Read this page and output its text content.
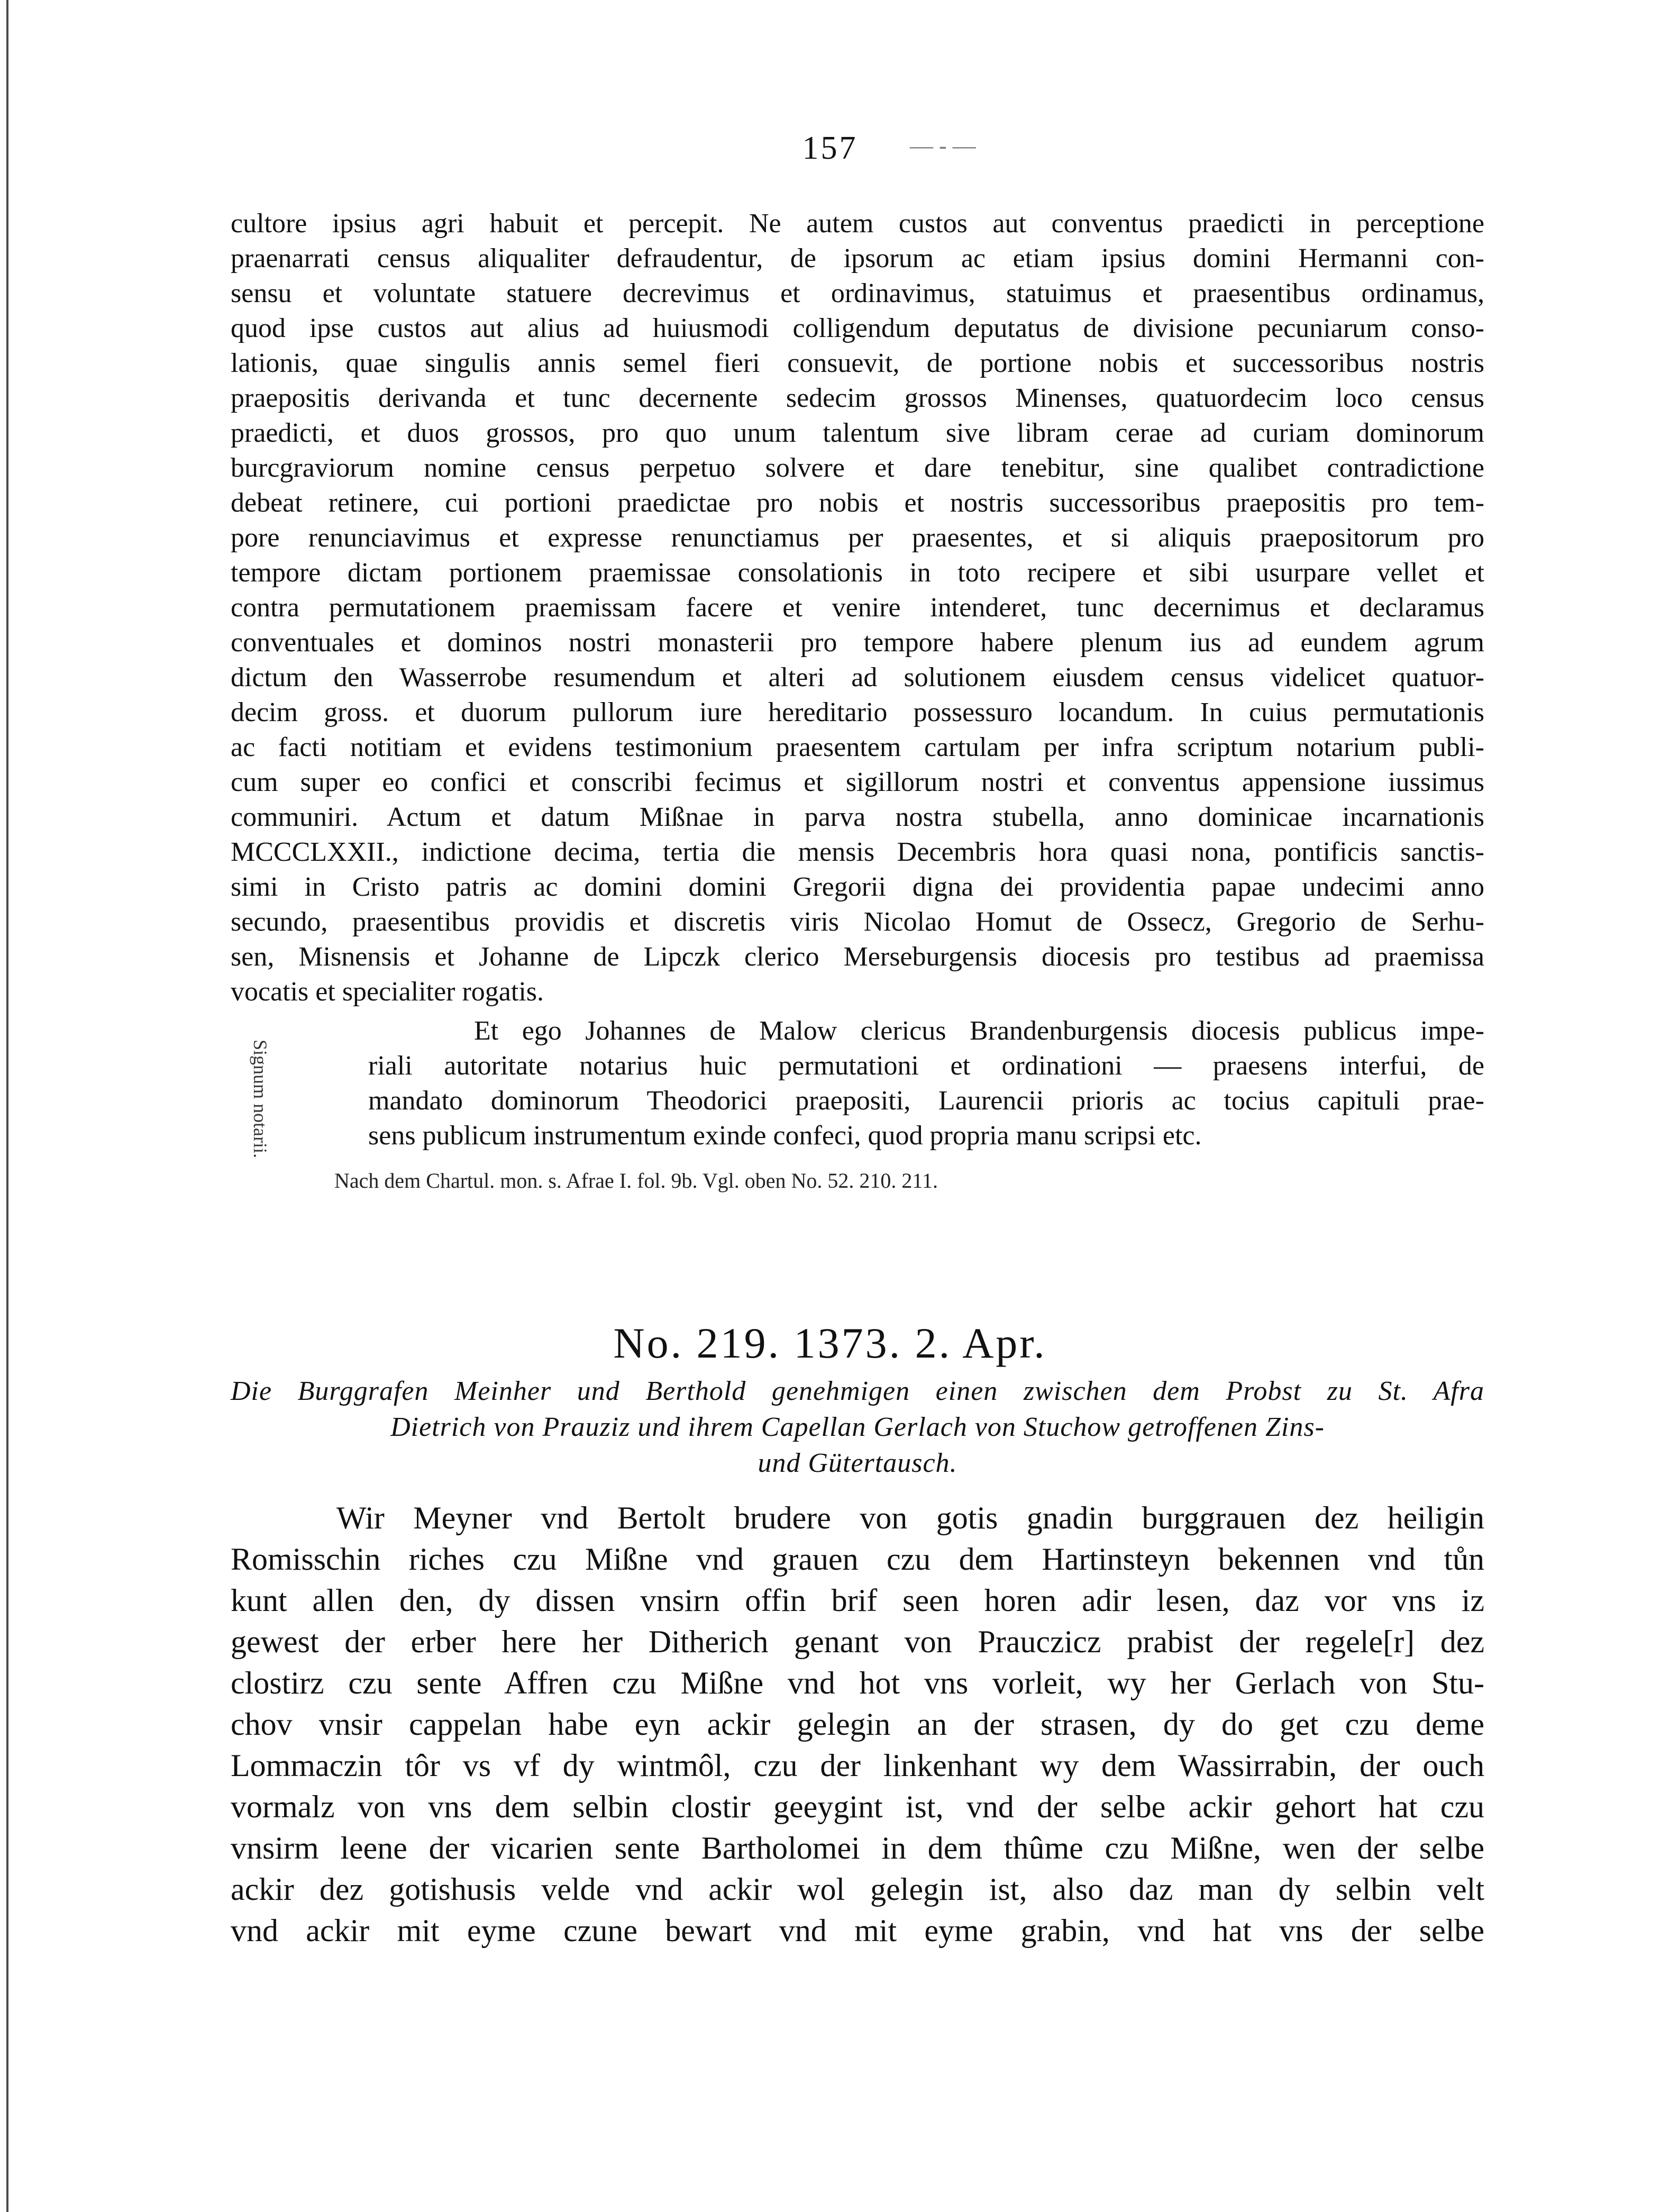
157	— - —
cultore ipsius agri habuit et percepit. Ne autem custos aut conventus praedicti in perceptione
praenarrati census aliqualiter defraudentur, de ipsorum ac etiam ipsius domini Hermanni con-
sensu et voluntate statuere decrevimus et ordinavimus, statuimus et praesentibus ordinamus,
quod ipse custos aut alius ad huiusmodi colligendum deputatus de divisione pecuniarum conso-
lationis, quae singulis annis semel fieri consuevit, de portione nobis et successoribus nostris
praepositis derivanda et tunc decernente sedecim grossos Minenses, quatuordecim loco census
praedicti, et duos grossos, pro quo unum talentum sive libram cerae ad curiam dominorum
burcgraviorum nomine census perpetuo solvere et dare tenebitur, sine qualibet contradictione
debeat retinere, cui portioni praedictae pro nobis et nostris successoribus praepositis pro tem-
pore renunciavimus et expresse renunctiamus per praesentes, et si aliquis praepositorum pro
tempore dictam portionem praemissae consolationis in toto recipere et sibi usurpare vellet et
contra permutationem praemissam facere et venire intenderet, tunc decernimus et declaramus
conventuales et dominos nostri monasterii pro tempore habere plenum ius ad eundem agrum
dictum den Wasserrobe resumendum et alteri ad solutionem eiusdem census videlicet quatuor-
decim gross. et duorum pullorum iure hereditario possessuro locandum. In cuius permutationis
ac facti notitiam et evidens testimonium praesentem cartulam per infra scriptum notarium publi-
cum super eo confici et conscribi fecimus et sigillorum nostri et conventus appensione iussimus
communiri. Actum et datum Mißnae in parva nostra stubella, anno dominicae incarnationis
MCCCLXXII., indictione decima, tertia die mensis Decembris hora quasi nona, pontificis sanctis-
simi in Cristo patris ac domini domini Gregorii digna dei providentia papae undecimi anno
secundo, praesentibus providis et discretis viris Nicolao Homut de Ossecz, Gregorio de Serhu-
sen, Misnensis et Johanne de Lipczk clerico Merseburgensis diocesis pro testibus ad praemissa
vocatis et specialiter rogatis.
Signum notarii.
Et ego Johannes de Malow clericus Brandenburgensis diocesis publicus impe-
riali autoritate notarius huic permutationi et ordinationi — praesens interfui, de
mandato dominorum Theodorici praepositi, Laurencii prioris ac tocius capituli prae-
sens publicum instrumentum exinde confeci, quod propria manu scripsi etc.
Nach dem Chartul. mon. s. Afrae I. fol. 9b. Vgl. oben No. 52. 210. 211.
No. 219. 1373. 2. Apr.
Die Burggrafen Meinher und Berthold genehmigen einen zwischen dem Probst zu St. Afra
Dietrich von Prauziz und ihrem Capellan Gerlach von Stuchow getroffenen Zins-
und Gütertausch.
Wir Meyner vnd Bertolt brudere von gotis gnadin burggrauen dez heiligin
Romisschin riches czu Mißne vnd grauen czu dem Hartinsteyn bekennen vnd tůn
kunt allen den, dy dissen vnsirn offin brif seen horen adir lesen, daz vor vns iz
gewest der erber here her Ditherich genant von Prauczicz prabist der regele[r] dez
clostirz czu sente Affren czu Mißne vnd hot vns vorleit, wy her Gerlach von Stu-
chov vnsir cappelan habe eyn ackir gelegin an der strasen, dy do get czu deme
Lommaczin tôr vs vf dy wintmôl, czu der linkenhant wy dem Wassirrabin, der ouch
vormalz von vns dem selbin clostir geeygint ist, vnd der selbe ackir gehort hat czu
vnsirm leene der vicarien sente Bartholomei in dem thûme czu Mißne, wen der selbe
ackir dez gotishusis velde vnd ackir wol gelegin ist, also daz man dy selbin velt
vnd ackir mit eyme czune bewart vnd mit eyme grabin, vnd hat vns der selbe
